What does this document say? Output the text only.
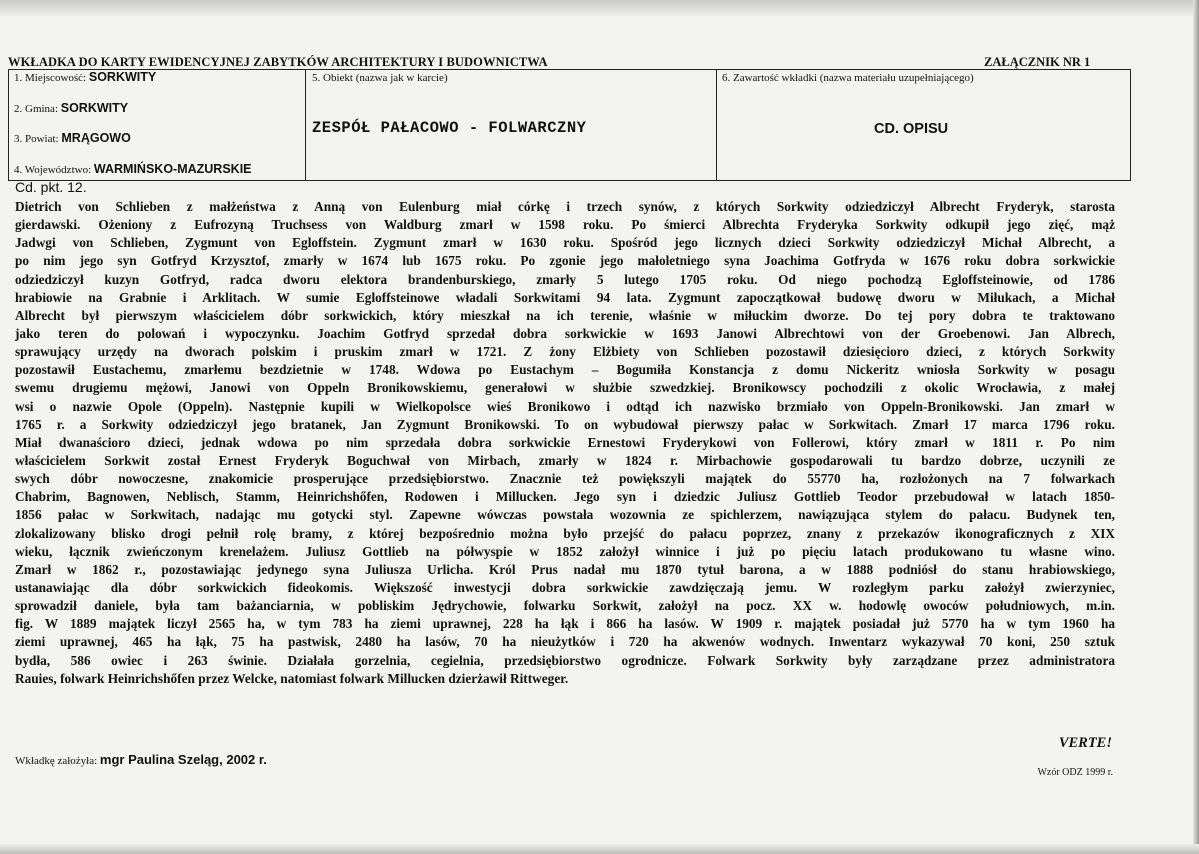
WKŁADKA DO KARTY EWIDENCYJNEJ ZABYTKÓW ARCHITEKTURY I BUDOWNICTWA	ZAŁĄCZNIK NR 1
1. Miejscowość: SORKWITY
2. Gmina: SORKWITY
3. Powiat: MRĄGOWO
4. Województwo: WARMIŃSKO-MAZURSKIE
5. Obiekt (nazwa jak w karcie)
ZESPÓŁ PAŁACOWO - FOLWARCZNY
6. Zawartość wkładki (nazwa materiału uzupełniającego)
CD. OPISU
Cd. pkt. 12.
Dietrich von Schlieben z małżeństwa z Anną von Eulenburg miał córkę i trzech synów, z których Sorkwity odziedziczył Albrecht Fryderyk, starosta
gierdawski. Ożeniony z Eufrozyną Truchsess von Waldburg zmarł w 1598 roku. Po śmierci Albrechta Fryderyka Sorkwity odkupił jego zięć, mąż
Jadwgi von Schlieben, Zygmunt von Egloffstein. Zygmunt zmarł w 1630 roku. Spośród jego licznych dzieci Sorkwity odziedziczył Michał Albrecht, a
po nim jego syn Gotfryd Krzysztof, zmarły w 1674 lub 1675 roku. Po zgonie jego małoletniego syna Joachima Gotfryda w 1676 roku dobra sorkwickie
odziedziczył kuzyn Gotfryd, radca dworu elektora brandenburskiego, zmarły 5 lutego 1705 roku. Od niego pochodzą Egloffsteinowie, od 1786
hrabiowie na Grabnie i Arklitach. W sumie Egloffsteinowe władali Sorkwitami 94 lata. Zygmunt zapoczątkował budowę dworu w Miłukach, a Michał
Albrecht był pierwszym właścicielem dóbr sorkwickich, który mieszkał na ich terenie, właśnie w miłuckim dworze. Do tej pory dobra te traktowano
jako teren do polowań i wypoczynku. Joachim Gotfryd sprzedał dobra sorkwickie w 1693 Janowi Albrechtowi von der Groebenowi. Jan Albrech,
sprawujący urzędy na dworach polskim i pruskim zmarł w 1721. Z żony Elżbiety von Schlieben pozostawił dziesięcioro dzieci, z których Sorkwity
pozostawił Eustachemu, zmarłemu bezdzietnie w 1748. Wdowa po Eustachym – Bogumiła Konstancja z domu Nickeritz wniosła Sorkwity w posagu
swemu drugiemu mężowi, Janowi von Oppeln Bronikowskiemu, generałowi w służbie szwedzkiej. Bronikowscy pochodzili z okolic Wrocławia, z małej
wsi o nazwie Opole (Oppeln). Następnie kupili w Wielkopolsce wieś Bronikowo i odtąd ich nazwisko brzmiało von Oppeln-Bronikowski. Jan zmarł w
1765 r. a Sorkwity odziedziczył jego bratanek, Jan Zygmunt Bronikowski. To on wybudował pierwszy pałac w Sorkwitach. Zmarł 17 marca 1796 roku.
Miał dwanaścioro dzieci, jednak wdowa po nim sprzedała dobra sorkwickie Ernestowi Fryderykowi von Follerowi, który zmarł w 1811 r. Po nim
właścicielem Sorkwit został Ernest Fryderyk Boguchwał von Mirbach, zmarły w 1824 r. Mirbachowie gospodarowali tu bardzo dobrze, uczynili ze
swych dóbr nowoczesne, znakomicie prosperujące przedsiębiorstwo. Znacznie też powiększyli majątek do 55770 ha, rozłożonych na 7 folwarkach
Chabrim, Bagnowen, Neblisch, Stamm, Heinrichshőfen, Rodowen i Millucken. Jego syn i dziedzic Juliusz Gottlieb Teodor przebudował w latach 1850-
1856 pałac w Sorkwitach, nadając mu gotycki styl. Zapewne wówczas powstała wozownia ze spichlerzem, nawiązująca stylem do pałacu. Budynek ten,
zlokalizowany blisko drogi pełnił rolę bramy, z której bezpośrednio można było przejść do pałacu poprzez, znany z przekazów ikonograficznych z XIX
wieku, łącznik zwieńczonym krenelażem. Juliusz Gottlieb na półwyspie w 1852 założył winnice i już po pięciu latach produkowano tu własne wino.
Zmarł w 1862 r., pozostawiając jedynego syna Juliusza Urlicha. Król Prus nadał mu 1870 tytuł barona, a w 1888 podniósł do stanu hrabiowskiego,
ustanawiając dla dóbr sorkwickich fideokomis. Większość inwestycji dobra sorkwickie zawdzięczają jemu. W rozległym parku założył zwierzyniec,
sprowadził daniele, była tam bażanciarnia, w pobliskim Jędrychowie, folwarku Sorkwit, założył na pocz. XX w. hodowlę owoców południowych, m.in.
fig. W 1889 majątek liczył 2565 ha, w tym 783 ha ziemi uprawnej, 228 ha łąk i 866 ha lasów. W 1909 r. majątek posiadał już 5770 ha w tym 1960 ha
ziemi uprawnej, 465 ha łąk, 75 ha pastwisk, 2480 ha lasów, 70 ha nieużytków i 720 ha akwenów wodnych. Inwentarz wykazywał 70 koni, 250 sztuk
bydła, 586 owiec i 263 świnie. Działała gorzelnia, cegielnia, przedsiębiorstwo ogrodnicze. Folwark Sorkwity były zarządzane przez administratora
Rauies, folwark Heinrichshőfen przez Welcke, natomiast folwark Millucken dzierżawił Rittweger.
VERTE!
Wkładkę założyła: mgr Paulina Szeląg, 2002 r.
Wzór ODZ 1999 r.
